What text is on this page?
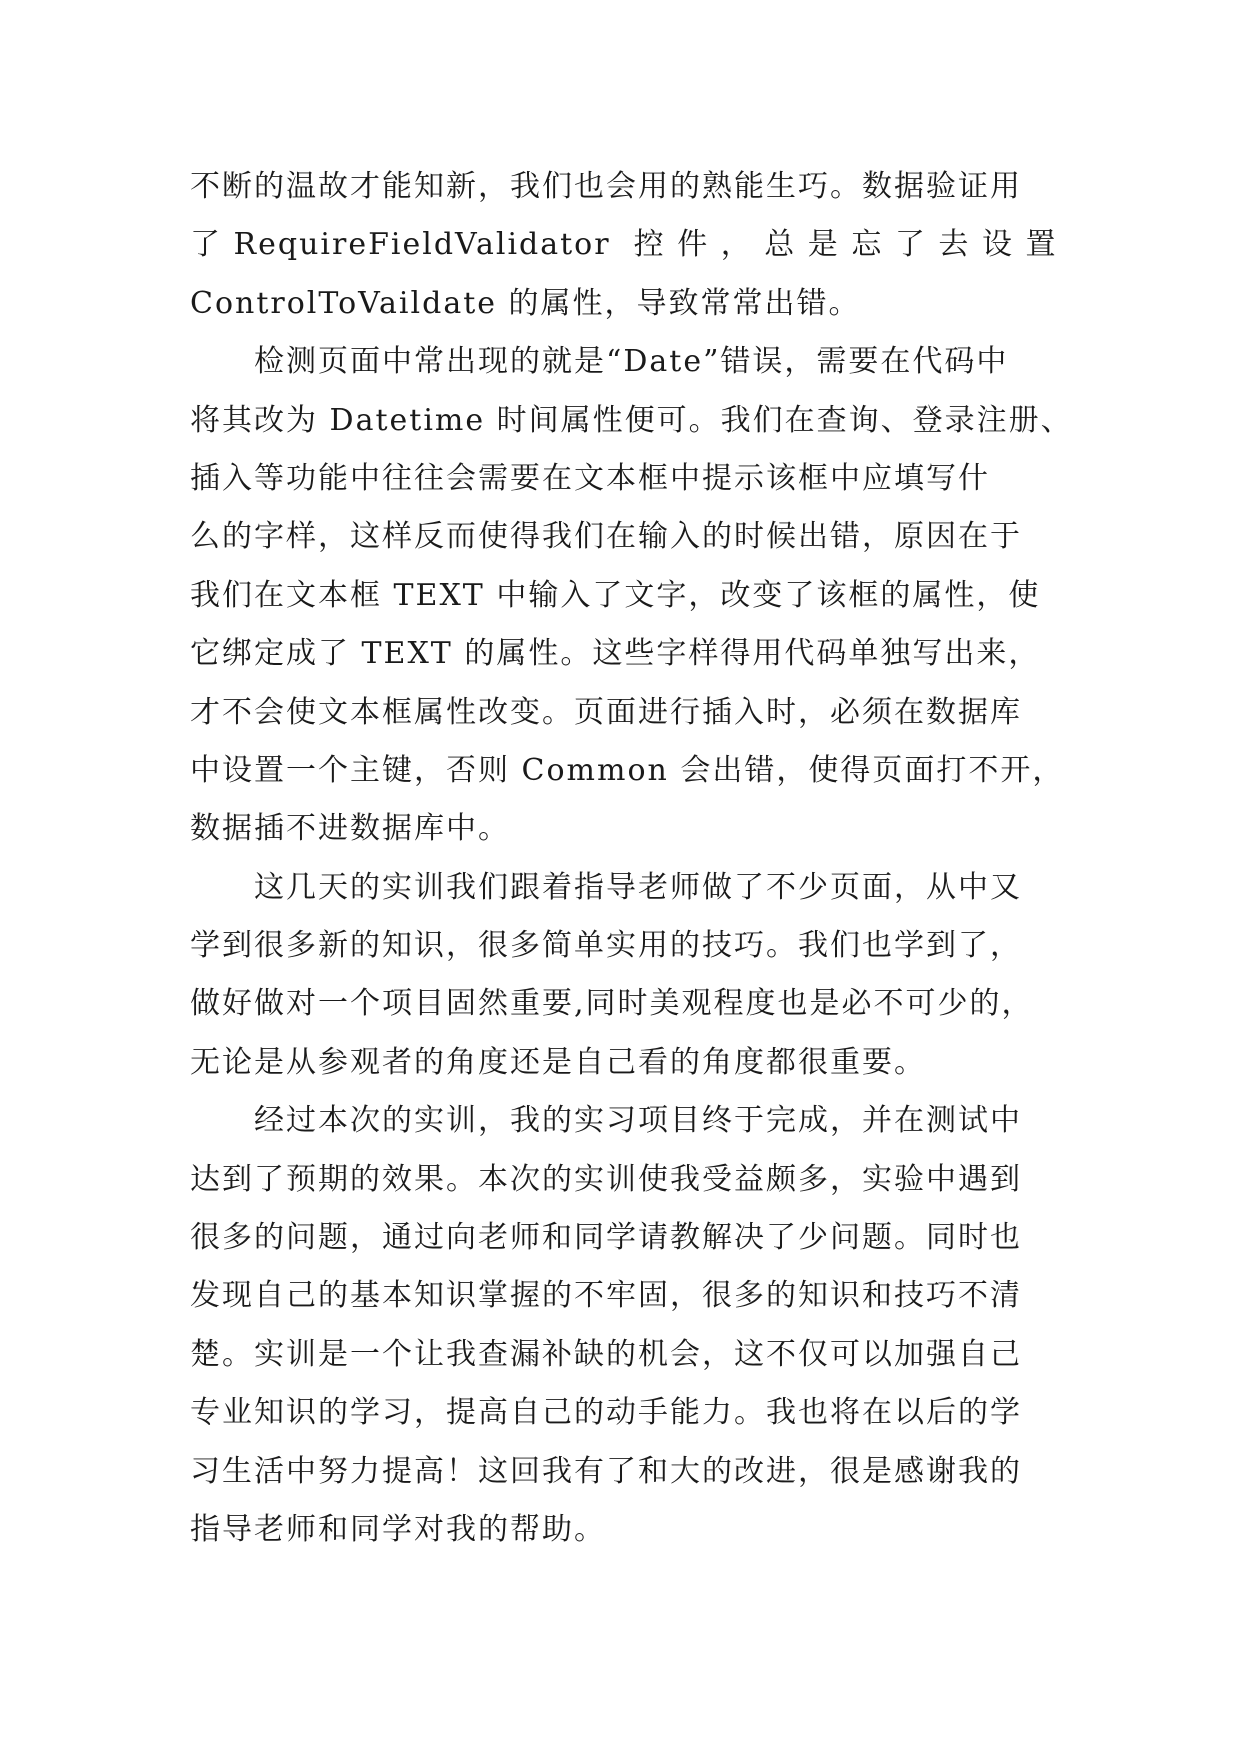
不断的温故才能知新，我们也会用的熟能生巧。数据验证用
了 RequireFieldValidator  控 件 ， 总 是 忘 了 去 设 置
ControlToVaildate 的属性，导致常常出错。
检测页面中常出现的就是“Date”错误，需要在代码中
将其改为 Datetime 时间属性便可。我们在查询、登录注册、
插入等功能中往往会需要在文本框中提示该框中应填写什
么的字样，这样反而使得我们在输入的时候出错，原因在于
我们在文本框 TEXT 中输入了文字，改变了该框的属性，使
它绑定成了 TEXT 的属性。这些字样得用代码单独写出来，
才不会使文本框属性改变。页面进行插入时，必须在数据库
中设置一个主键，否则 Common 会出错，使得页面打不开，
数据插不进数据库中。
这几天的实训我们跟着指导老师做了不少页面，从中又
学到很多新的知识，很多简单实用的技巧。我们也学到了，
做好做对一个项目固然重要,同时美观程度也是必不可少的，
无论是从参观者的角度还是自己看的角度都很重要。
经过本次的实训，我的实习项目终于完成，并在测试中
达到了预期的效果。本次的实训使我受益颇多，实验中遇到
很多的问题，通过向老师和同学请教解决了少问题。同时也
发现自己的基本知识掌握的不牢固，很多的知识和技巧不清
楚。实训是一个让我查漏补缺的机会，这不仅可以加强自己
专业知识的学习，提高自己的动手能力。我也将在以后的学
习生活中努力提高！这回我有了和大的改进，很是感谢我的
指导老师和同学对我的帮助。
